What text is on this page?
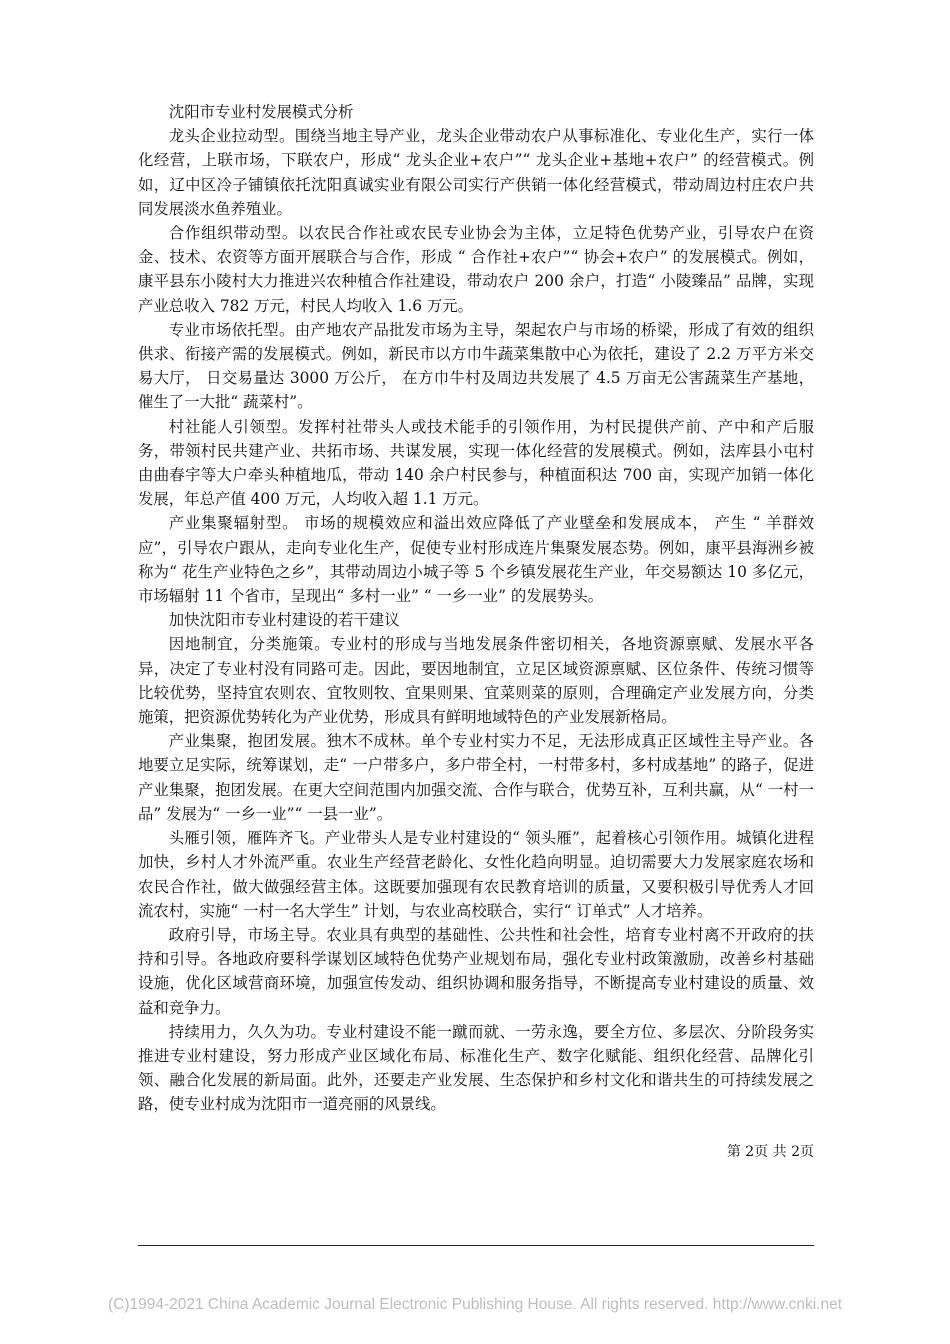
沈阳市专业村发展模式分析

龙头企业拉动型。围绕当地主导产业，龙头企业带动农户从事标准化、专业化生产，实行一体化经营，上联市场，下联农户，形成“ 龙头企业+农户”“ 龙头企业+基地+农户” 的经营模式。例如，辽中区冷子铺镇依托沈阳真诚实业有限公司实行产供销一体化经营模式，带动周边村庄农户共同发展淡水鱼养殖业。

合作组织带动型。以农民合作社或农民专业协会为主体，立足特色优势产业，引导农户在资金、技术、农资等方面开展联合与合作，形成 “ 合作社+农户”“ 协会+农户” 的发展模式。例如，康平县东小陵村大力推进兴农种植合作社建设，带动农户 200 余户，打造“ 小陵臻品” 品牌，实现产业总收入 782 万元，村民人均收入 1.6 万元。

专业市场依托型。由产地农产品批发市场为主导，架起农户与市场的桥梁，形成了有效的组织供求、衔接产需的发展模式。例如，新民市以方巾牛蔬菜集散中心为依托，建设了 2.2 万平方米交易大厅， 日交易量达 3000 万公斤， 在方巾牛村及周边共发展了 4.5 万亩无公害蔬菜生产基地，催生了一大批“ 蔬菜村”。

村社能人引领型。发挥村社带头人或技术能手的引领作用，为村民提供产前、产中和产后服务，带领村民共建产业、共拓市场、共谋发展，实现一体化经营的发展模式。例如，法库县小屯村由曲春宇等大户牵头种植地瓜，带动 140 余户村民参与，种植面积达 700 亩，实现产加销一体化发展，年总产值 400 万元，人均收入超 1.1 万元。

产业集聚辐射型。 市场的规模效应和溢出效应降低了产业壁垒和发展成本， 产生 “ 羊群效应”，引导农户跟从，走向专业化生产，促使专业村形成连片集聚发展态势。例如，康平县海洲乡被称为“ 花生产业特色之乡”，其带动周边小城子等 5 个乡镇发展花生产业，年交易额达 10 多亿元，市场辐射 11 个省市，呈现出“ 多村一业” “ 一乡一业” 的发展势头。

加快沈阳市专业村建设的若干建议

因地制宜，分类施策。专业村的形成与当地发展条件密切相关，各地资源禀赋、发展水平各异，决定了专业村没有同路可走。因此，要因地制宜，立足区域资源禀赋、区位条件、传统习惯等比较优势，坚持宜农则农、宜牧则牧、宜果则果、宜菜则菜的原则，合理确定产业发展方向，分类施策，把资源优势转化为产业优势，形成具有鲜明地域特色的产业发展新格局。

产业集聚，抱团发展。独木不成林。单个专业村实力不足，无法形成真正区域性主导产业。各地要立足实际，统筹谋划，走“ 一户带多户，多户带全村，一村带多村，多村成基地” 的路子，促进产业集聚，抱团发展。在更大空间范围内加强交流、合作与联合，优势互补，互利共赢，从“ 一村一品” 发展为“ 一乡一业”“ 一县一业”。

头雁引领，雁阵齐飞。产业带头人是专业村建设的“ 领头雁”，起着核心引领作用。城镇化进程加快，乡村人才外流严重。农业生产经营老龄化、女性化趋向明显。迫切需要大力发展家庭农场和农民合作社，做大做强经营主体。这既要加强现有农民教育培训的质量，又要积极引导优秀人才回流农村，实施“ 一村一名大学生” 计划，与农业高校联合，实行“ 订单式” 人才培养。

政府引导，市场主导。农业具有典型的基础性、公共性和社会性，培育专业村离不开政府的扶持和引导。各地政府要科学谋划区域特色优势产业规划布局，强化专业村政策激励，改善乡村基础设施，优化区域营商环境，加强宣传发动、组织协调和服务指导，不断提高专业村建设的质量、效益和竞争力。

持续用力，久久为功。专业村建设不能一蹴而就、一劳永逸，要全方位、多层次、分阶段务实推进专业村建设，努力形成产业区域化布局、标准化生产、数字化赋能、组织化经营、品牌化引领、融合化发展的新局面。此外，还要走产业发展、生态保护和乡村文化和谐共生的可持续发展之路，使专业村成为沈阳市一道亮丽的风景线。

第 2页 共 2页
(C)1994-2021 China Academic Journal Electronic Publishing House. All rights reserved. http://www.cnki.net
